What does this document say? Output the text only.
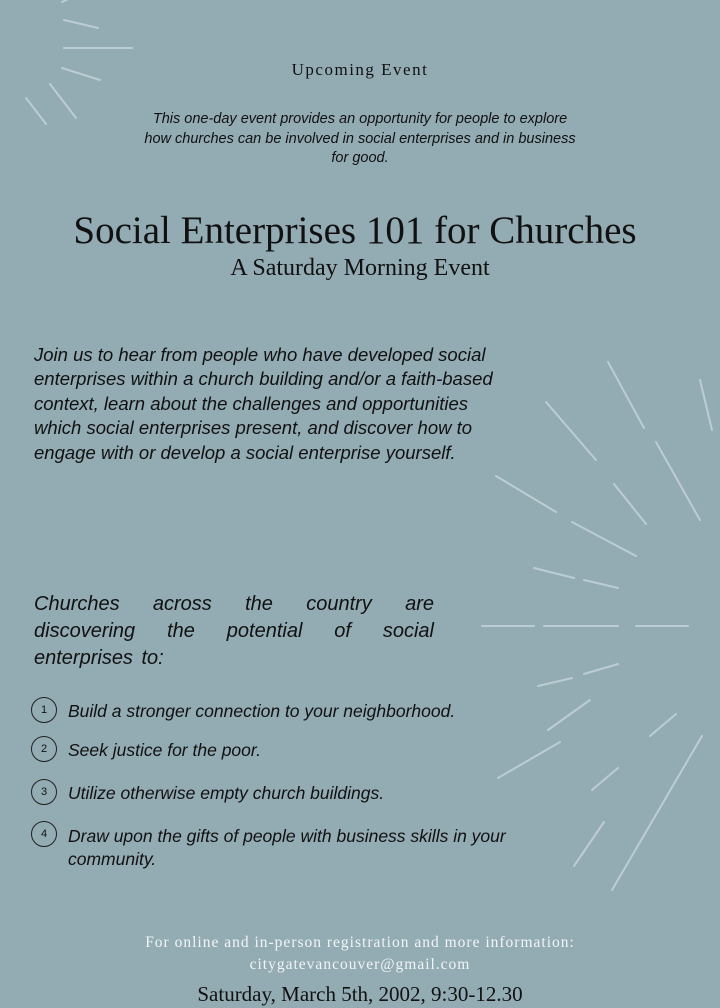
Upcoming Event
This one-day event provides an opportunity for people to explore how churches can be involved in social enterprises and in business for good.
Social Enterprises 101 for Churches
A Saturday Morning Event
Join us to hear from people who have developed social enterprises within a church building and/or a faith-based context, learn about the challenges and opportunities which social enterprises present, and discover how to engage with or develop a social enterprise yourself.
Churches across the country are discovering the potential of social enterprises to:
1	Build a stronger connection to your neighborhood.
2	Seek justice for the poor.
3	Utilize otherwise empty church buildings.
4	Draw upon the gifts of people with business skills in your community.
For online and in-person registration and more information: citygatevancouver@gmail.com
Saturday, March 5th, 2002, 9:30-12.30
